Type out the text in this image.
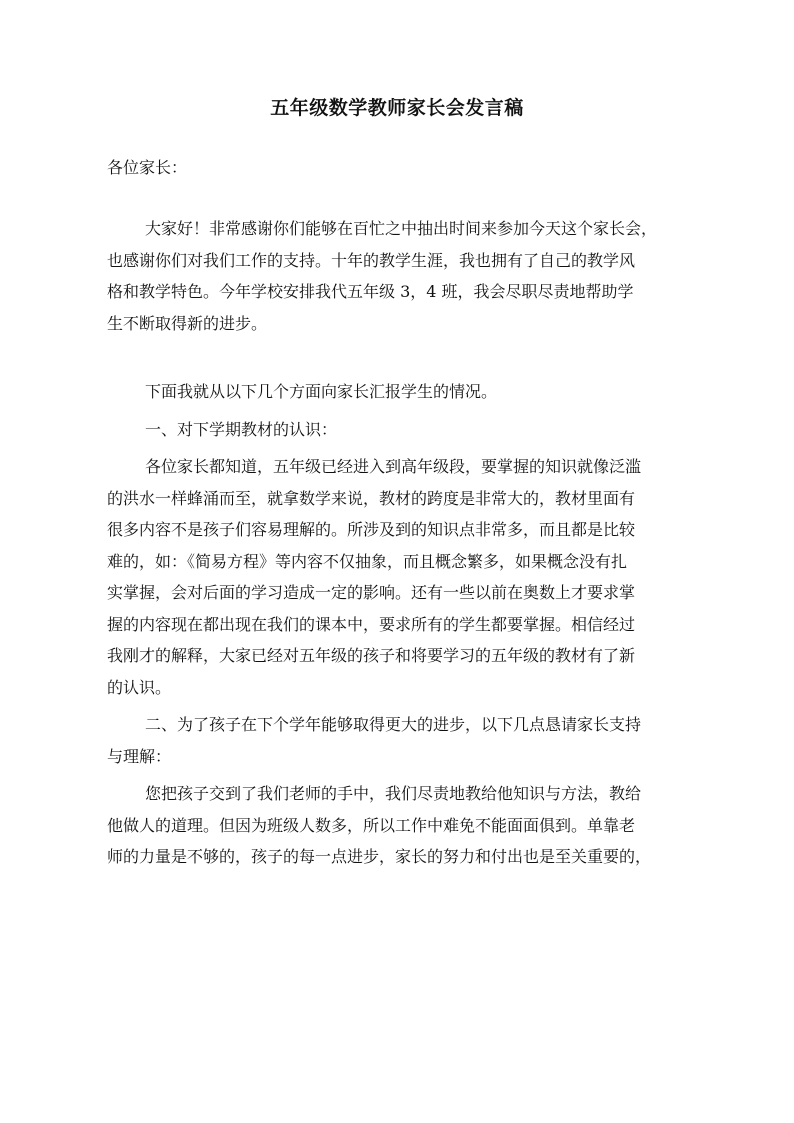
五年级数学教师家长会发言稿
各位家长：

大家好！非常感谢你们能够在百忙之中抽出时间来参加今天这个家长会，
也感谢你们对我们工作的支持。十年的教学生涯，我也拥有了自己的教学风
格和教学特色。今年学校安排我代五年级 3，4 班，我会尽职尽责地帮助学
生不断取得新的进步。

下面我就从以下几个方面向家长汇报学生的情况。

一、对下学期教材的认识：

各位家长都知道，五年级已经进入到高年级段，要掌握的知识就像泛滥
的洪水一样蜂涌而至，就拿数学来说，教材的跨度是非常大的，教材里面有
很多内容不是孩子们容易理解的。所涉及到的知识点非常多，而且都是比较
难的，如：《简易方程》等内容不仅抽象，而且概念繁多，如果概念没有扎
实掌握，会对后面的学习造成一定的影响。还有一些以前在奥数上才要求掌
握的内容现在都出现在我们的课本中，要求所有的学生都要掌握。相信经过
我刚才的解释，大家已经对五年级的孩子和将要学习的五年级的教材有了新
的认识。

二、为了孩子在下个学年能够取得更大的进步，以下几点恳请家长支持
与理解：

您把孩子交到了我们老师的手中，我们尽责地教给他知识与方法，教给
他做人的道理。但因为班级人数多，所以工作中难免不能面面俱到。单靠老
师的力量是不够的，孩子的每一点进步，家长的努力和付出也是至关重要的，
